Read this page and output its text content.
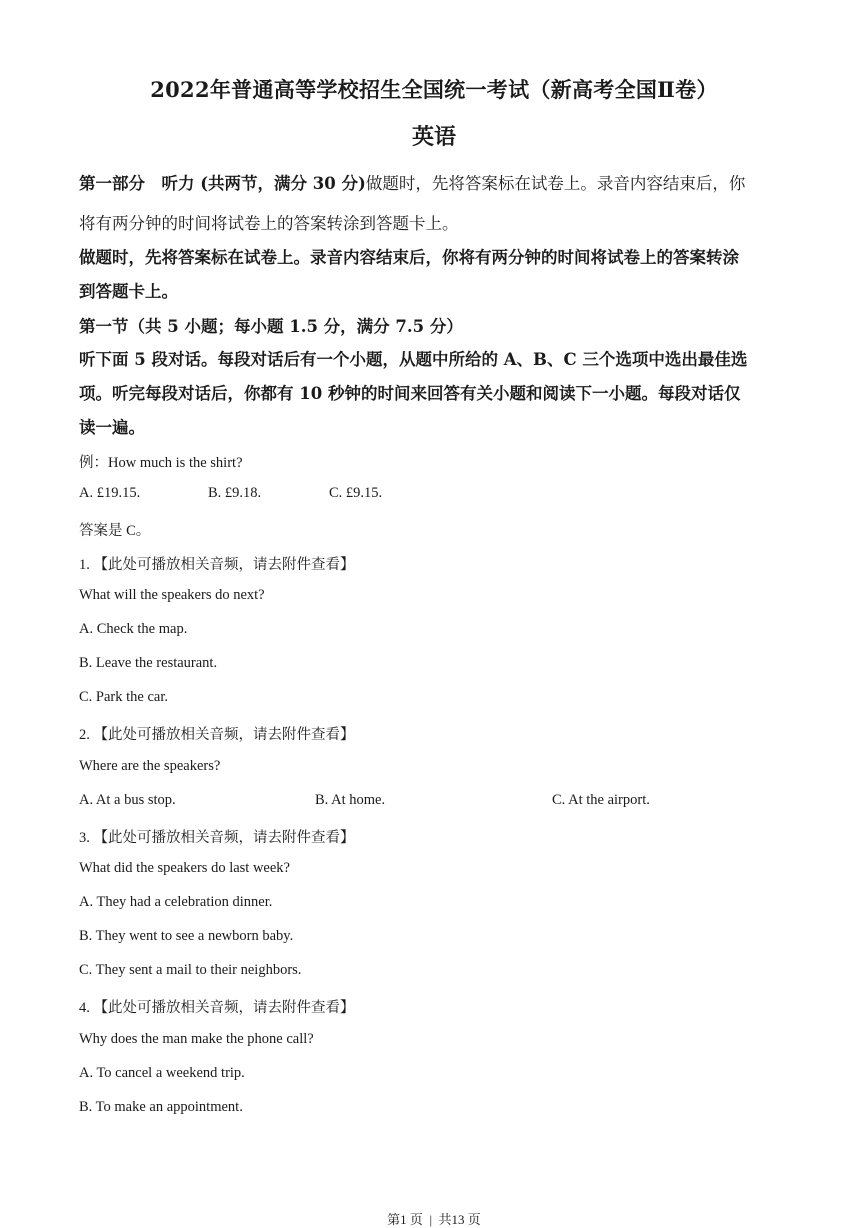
2022年普通高等学校招生全国统一考试（新高考全国Ⅱ卷）
英语
第一部分　听力 (共两节，满分 30 分)做题时，先将答案标在试卷上。录音内容结束后，你
将有两分钟的时间将试卷上的答案转涂到答题卡上。
做题时，先将答案标在试卷上。录音内容结束后，你将有两分钟的时间将试卷上的答案转涂
到答题卡上。
第一节（共 5 小题；每小题 1.5 分，满分 7.5 分）
听下面 5 段对话。每段对话后有一个小题，从题中所给的 A、B、C 三个选项中选出最佳选
项。听完每段对话后，你都有 10 秒钟的时间来回答有关小题和阅读下一小题。每段对话仅
读一遍。
例：How much is the shirt?
A. £19.15.	B. £9.18.	C. £9.15.
答案是 C。
1. 【此处可播放相关音频，请去附件查看】
What will the speakers do next?
A. Check the map.
B. Leave the restaurant.
C. Park the car.
2. 【此处可播放相关音频，请去附件查看】
Where are the speakers?
A. At a bus stop.	B. At home.	C. At the airport.
3. 【此处可播放相关音频，请去附件查看】
What did the speakers do last week?
A. They had a celebration dinner.
B. They went to see a newborn baby.
C. They sent a mail to their neighbors.
4. 【此处可播放相关音频，请去附件查看】
Why does the man make the phone call?
A. To cancel a weekend trip.
B. To make an appointment.
第1 页 | 共13 页
